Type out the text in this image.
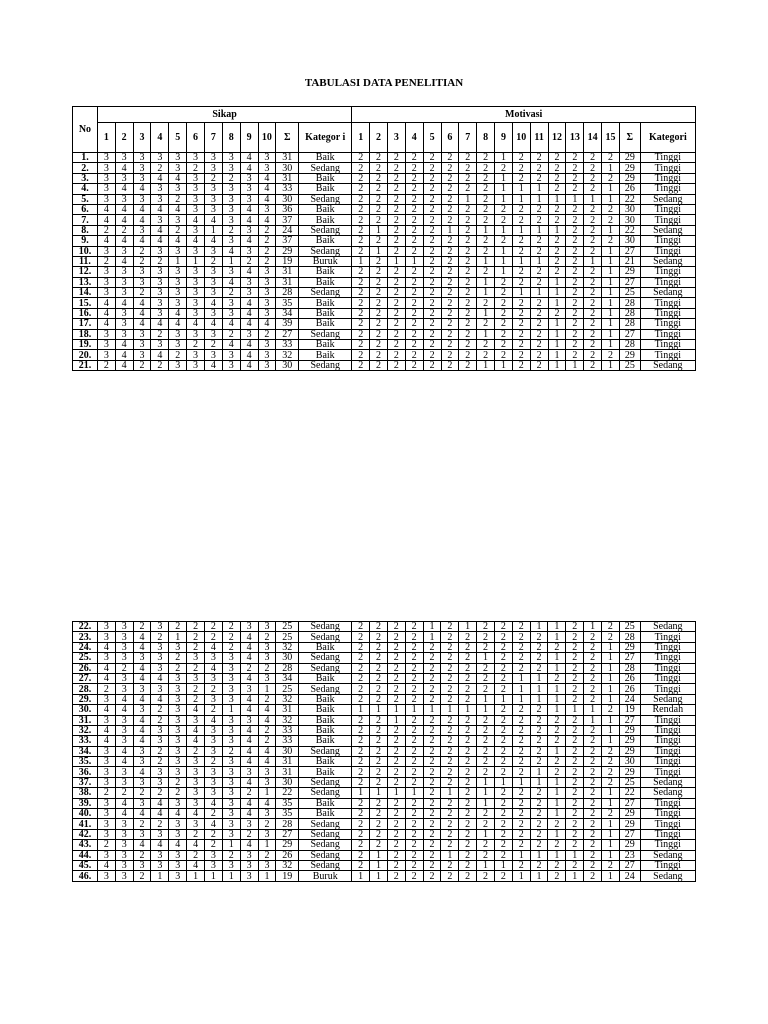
TABULASI DATA PENELITIAN
No	Sikap												Motivasi																
	1	2	3	4	5	6	7	8	9	10	Σ	Kategor i	1	2	3	4	5	6	7	8	9	10	11	12	13	14	15	Σ	Kategori
1.	3	3	3	3	3	3	3	3	4	3	31	Baik	2	2	2	2	2	2	2	2	1	2	2	2	2	2	2	29	Tinggi
2.	3	4	3	2	3	2	3	3	4	3	30	Sedang	2	2	2	2	2	2	2	2	2	2	2	2	2	2	1	29	Tinggi
3.	3	3	3	4	4	3	2	2	3	4	31	Baik	2	2	2	2	2	2	2	2	1	2	2	2	2	2	2	29	Tinggi
4.	3	4	4	3	3	3	3	3	3	4	33	Baik	2	2	2	2	2	2	2	2	1	1	1	2	2	2	1	26	Tinggi
5.	3	3	3	3	2	3	3	3	3	4	30	Sedang	2	2	2	2	2	2	1	2	1	1	1	1	1	1	1	22	Sedang
6.	4	4	4	4	4	3	3	3	4	3	36	Baik	2	2	2	2	2	2	2	2	2	2	2	2	2	2	2	30	Tinggi
7.	4	4	4	3	3	4	4	3	4	4	37	Baik	2	2	2	2	2	2	2	2	2	2	2	2	2	2	2	30	Tinggi
8.	2	2	3	4	2	3	1	2	3	2	24	Sedang	2	1	2	2	2	1	2	1	1	1	1	1	2	2	1	22	Sedang
9.	4	4	4	4	4	4	4	3	4	2	37	Baik	2	2	2	2	2	2	2	2	2	2	2	2	2	2	2	30	Tinggi
10.	3	3	2	3	3	3	3	4	3	2	29	Sedang	2	1	2	2	2	2	2	2	1	2	2	2	2	2	1	27	Tinggi
11.	2	4	2	2	1	1	2	1	2	2	19	Buruk	1	2	1	1	2	2	2	1	1	1	1	2	2	1	1	21	Sedang
12.	3	3	3	3	3	3	3	3	4	3	31	Baik	2	2	2	2	2	2	2	2	1	2	2	2	2	2	1	29	Tinggi
13.	3	3	3	3	3	3	3	4	3	3	31	Baik	2	2	2	2	2	2	2	1	2	2	2	1	2	2	1	27	Tinggi
14.	3	3	2	3	3	3	3	2	3	3	28	Sedang	2	2	2	2	2	2	2	1	2	1	1	1	2	2	1	25	Sedang
15.	4	4	4	3	3	3	4	3	4	3	35	Baik	2	2	2	2	2	2	2	2	2	2	2	1	2	2	1	28	Tinggi
16.	4	3	4	3	4	3	3	3	4	3	34	Baik	2	2	2	2	2	2	2	1	2	2	2	2	2	2	1	28	Tinggi
17.	4	3	4	4	4	4	4	4	4	4	39	Baik	2	2	2	2	2	2	2	2	2	2	2	1	2	2	1	28	Tinggi
18.	3	3	3	2	3	3	3	2	3	2	27	Sedang	2	2	2	2	2	2	2	1	2	2	2	1	2	2	1	27	Tinggi
19.	3	4	3	3	3	2	2	4	4	3	33	Baik	2	2	2	2	2	2	2	2	2	2	2	1	2	2	1	28	Tinggi
20.	3	4	3	4	2	3	3	3	4	3	32	Baik	2	2	2	2	2	2	2	2	2	2	2	1	2	2	2	29	Tinggi
21.	2	4	2	2	3	3	4	3	4	3	30	Sedang	2	2	2	2	2	2	2	1	1	2	2	1	1	2	1	25	Sedang
22.	3	3	2	3	2	2	2	2	3	3	25	Sedang	2	2	2	2	1	2	1	2	2	2	1	1	2	1	2	25	Sedang
23.	3	3	4	2	1	2	2	2	4	2	25	Sedang	2	2	2	2	1	2	2	2	2	2	2	1	2	2	2	28	Tinggi
24.	4	3	4	3	3	2	4	2	4	3	32	Baik	2	2	2	2	2	2	2	2	2	2	2	2	2	2	1	29	Tinggi
25.	3	3	3	3	2	3	3	3	4	3	30	Sedang	2	2	2	2	2	2	2	1	2	2	2	1	2	2	1	27	Tinggi
26.	4	2	4	3	2	2	4	3	2	2	28	Sedang	2	2	2	2	2	2	2	2	2	2	2	1	2	2	1	28	Tinggi
27.	4	3	4	4	3	3	3	3	4	3	34	Baik	2	2	2	2	2	2	2	2	2	1	1	2	2	2	1	26	Tinggi
28.	2	3	3	3	3	2	2	3	3	1	25	Sedang	2	2	2	2	2	2	2	2	2	1	1	1	2	2	1	26	Tinggi
29.	3	4	4	4	3	2	3	3	4	2	32	Baik	2	2	2	2	2	2	2	1	1	1	1	1	2	2	1	24	Sedang
30.	4	4	3	2	3	4	2	1	4	4	31	Baik	1	1	1	1	1	1	1	1	2	2	2	1	1	1	2	19	Rendah
31.	3	3	4	2	3	3	4	3	3	4	32	Baik	2	2	1	2	2	2	2	2	2	2	2	2	2	1	1	27	Tinggi
32.	4	3	4	3	3	4	3	3	4	2	33	Baik	2	2	2	2	2	2	2	2	2	2	2	2	2	2	1	29	Tinggi
33.	4	3	4	3	3	4	3	3	4	2	33	Baik	2	2	2	2	2	2	2	2	2	2	2	2	2	2	1	29	Tinggi
34.	3	4	3	2	3	2	3	2	4	4	30	Sedang	2	2	2	2	2	2	2	2	2	2	2	1	2	2	2	29	Tinggi
35.	3	4	3	2	3	3	2	3	4	4	31	Baik	2	2	2	2	2	2	2	2	2	2	2	2	2	2	2	30	Tinggi
36.	3	3	4	3	3	3	3	3	3	3	31	Baik	2	2	2	2	2	2	2	2	2	2	1	2	2	2	2	29	Tinggi
37.	3	3	3	3	2	3	3	3	4	3	30	Sedang	2	2	2	2	2	2	2	1	1	1	1	1	2	2	2	25	Sedang
38.	2	2	2	2	2	3	3	3	2	1	22	Sedang	1	1	1	1	2	1	2	1	2	2	2	1	2	2	1	22	Sedang
39.	3	4	3	4	3	3	4	3	4	4	35	Baik	2	2	2	2	2	2	2	1	2	2	2	1	2	2	1	27	Tinggi
40.	3	4	4	4	4	4	2	3	4	3	35	Baik	2	2	2	2	2	2	2	2	2	2	2	1	2	2	2	29	Tinggi
41.	3	3	2	2	3	3	4	3	3	2	28	Sedang	2	2	2	2	2	2	2	2	2	2	2	2	2	2	1	29	Tinggi
42.	3	3	3	3	3	2	2	3	2	3	27	Sedang	2	2	2	2	2	2	2	1	2	2	2	1	2	2	1	27	Tinggi
43.	2	3	4	4	4	4	2	1	4	1	29	Sedang	2	2	2	2	2	2	2	2	2	2	2	2	2	2	1	29	Tinggi
44.	3	3	2	3	3	2	3	2	3	2	26	Sedang	2	1	2	2	2	1	2	2	2	1	1	1	1	2	1	23	Sedang
45.	4	3	3	3	3	4	3	3	3	3	32	Sedang	2	1	2	2	2	2	2	1	1	2	2	2	2	2	2	27	Tinggi
46.	3	3	2	1	3	1	1	1	3	1	19	Buruk	1	1	2	2	2	2	2	2	2	1	1	2	1	2	1	24	Sedang
